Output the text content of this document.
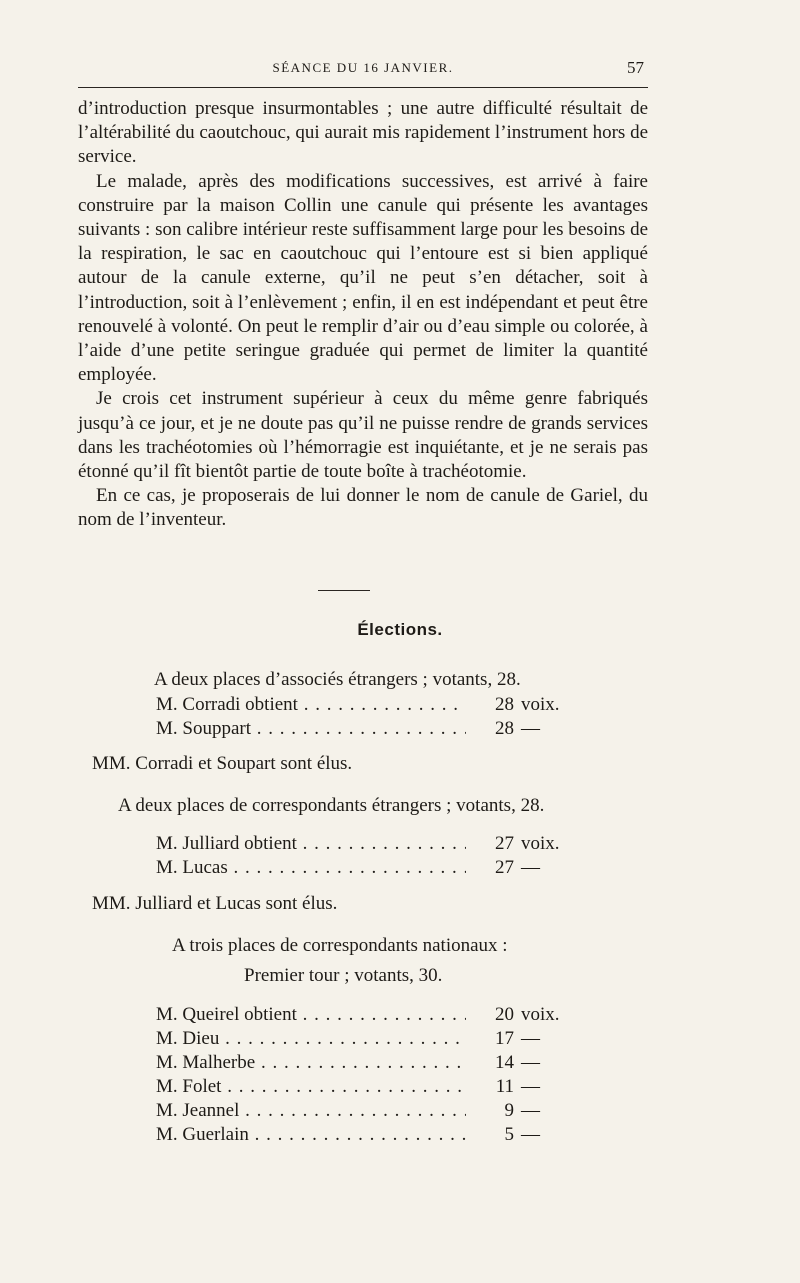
SÉANCE DU 16 JANVIER.	57

d’introduction presque insurmontables ; une autre difficulté résultait de l’altérabilité du caoutchouc, qui aurait mis rapidement l’instrument hors de service.

Le malade, après des modifications successives, est arrivé à faire construire par la maison Collin une canule qui présente les avantages suivants : son calibre intérieur reste suffisamment large pour les besoins de la respiration, le sac en caoutchouc qui l’entoure est si bien appliqué autour de la canule externe, qu’il ne peut s’en détacher, soit à l’introduction, soit à l’enlèvement ; enfin, il en est indépendant et peut être renouvelé à volonté. On peut le remplir d’air ou d’eau simple ou colorée, à l’aide d’une petite seringue graduée qui permet de limiter la quantité employée.

Je crois cet instrument supérieur à ceux du même genre fabriqués jusqu’à ce jour, et je ne doute pas qu’il ne puisse rendre de grands services dans les trachéotomies où l’hémorragie est inquiétante, et je ne serais pas étonné qu’il fît bientôt partie de toute boîte à trachéotomie.

En ce cas, je proposerais de lui donner le nom de canule de Gariel, du nom de l’inventeur.

Élections.
A deux places d’associés étrangers ; votants, 28.
M. Corradi obtient . . .	28 voix.
M. Souppart . . .	28 —
MM. Corradi et Soupart sont élus.
A deux places de correspondants étrangers ; votants, 28.
M. Julliard obtient . . .	27 voix.
M. Lucas . . .	27 —
MM. Julliard et Lucas sont élus.
A trois places de correspondants nationaux :
Premier tour ; votants, 30.
M. Queirel obtient . . .	20 voix.
M. Dieu . . .	17 —
M. Malherbe . . .	14 —
M. Folet . . .	11 —
M. Jeannel . . .	9 —
M. Guerlain . . .	5 —
